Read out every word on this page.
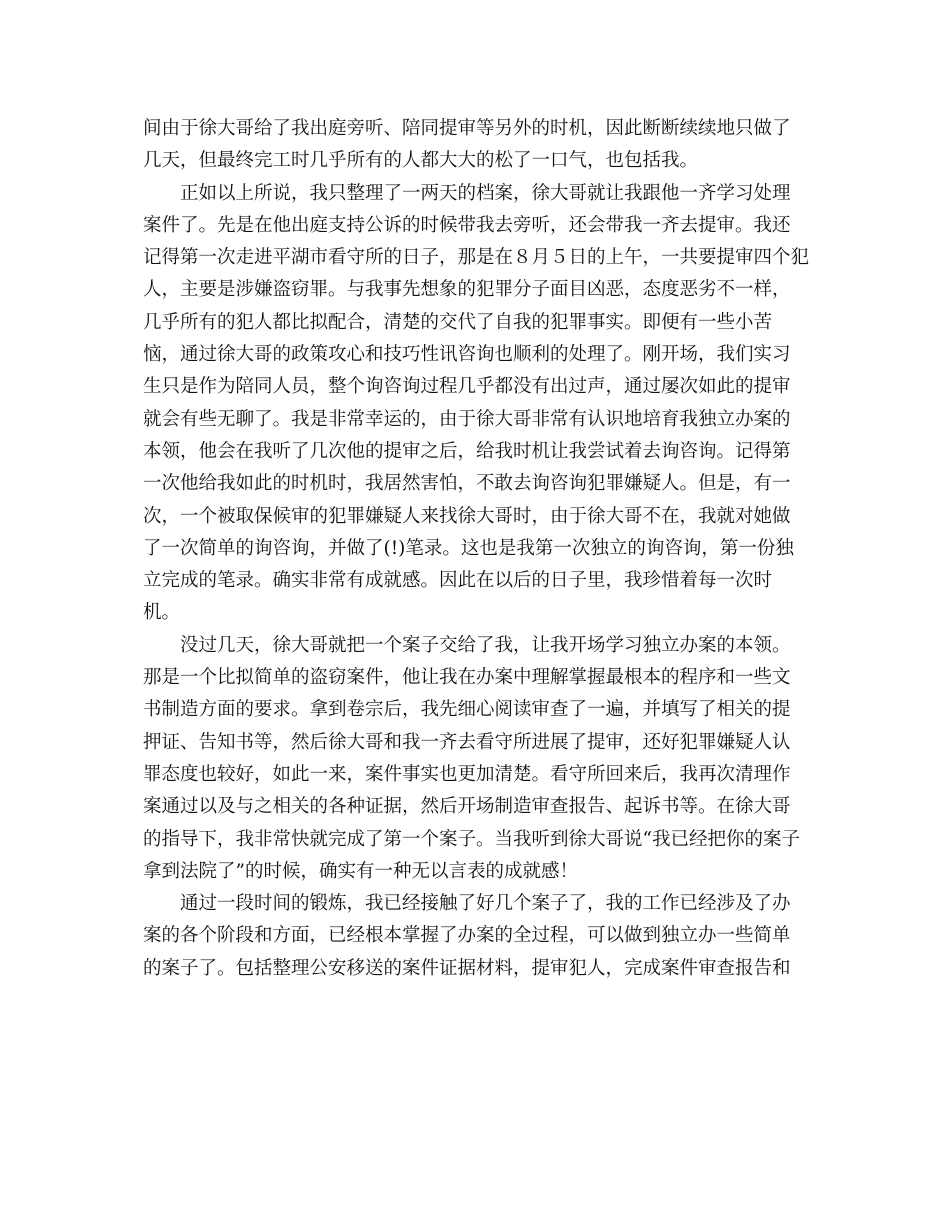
间由于徐大哥给了我出庭旁听、陪同提审等另外的时机，因此断断续续地只做了
几天，但最终完工时几乎所有的人都大大的松了一口气，也包括我。
正如以上所说，我只整理了一两天的档案，徐大哥就让我跟他一齐学习处理
案件了。先是在他出庭支持公诉的时候带我去旁听，还会带我一齐去提审。我还
记得第一次走进平湖市看守所的日子，那是在８月５日的上午，一共要提审四个犯
人，主要是涉嫌盗窃罪。与我事先想象的犯罪分子面目凶恶，态度恶劣不一样，
几乎所有的犯人都比拟配合，清楚的交代了自我的犯罪事实。即便有一些小苦
恼，通过徐大哥的政策攻心和技巧性讯咨询也顺利的处理了。刚开场，我们实习
生只是作为陪同人员，整个询咨询过程几乎都没有出过声，通过屡次如此的提审
就会有些无聊了。我是非常幸运的，由于徐大哥非常有认识地培育我独立办案的
本领，他会在我听了几次他的提审之后，给我时机让我尝试着去询咨询。记得第
一次他给我如此的时机时，我居然害怕，不敢去询咨询犯罪嫌疑人。但是，有一
次，一个被取保候审的犯罪嫌疑人来找徐大哥时，由于徐大哥不在，我就对她做
了一次简单的询咨询，并做了(!)笔录。这也是我第一次独立的询咨询，第一份独
立完成的笔录。确实非常有成就感。因此在以后的日子里，我珍惜着每一次时
机。
没过几天，徐大哥就把一个案子交给了我，让我开场学习独立办案的本领。
那是一个比拟简单的盗窃案件，他让我在办案中理解掌握最根本的程序和一些文
书制造方面的要求。拿到卷宗后，我先细心阅读审查了一遍，并填写了相关的提
押证、告知书等，然后徐大哥和我一齐去看守所进展了提审，还好犯罪嫌疑人认
罪态度也较好，如此一来，案件事实也更加清楚。看守所回来后，我再次清理作
案通过以及与之相关的各种证据，然后开场制造审查报告、起诉书等。在徐大哥
的指导下，我非常快就完成了第一个案子。当我听到徐大哥说“我已经把你的案子
拿到法院了”的时候，确实有一种无以言表的成就感！
通过一段时间的锻炼，我已经接触了好几个案子了，我的工作已经涉及了办
案的各个阶段和方面，已经根本掌握了办案的全过程，可以做到独立办一些简单
的案子了。包括整理公安移送的案件证据材料，提审犯人，完成案件审查报告和
